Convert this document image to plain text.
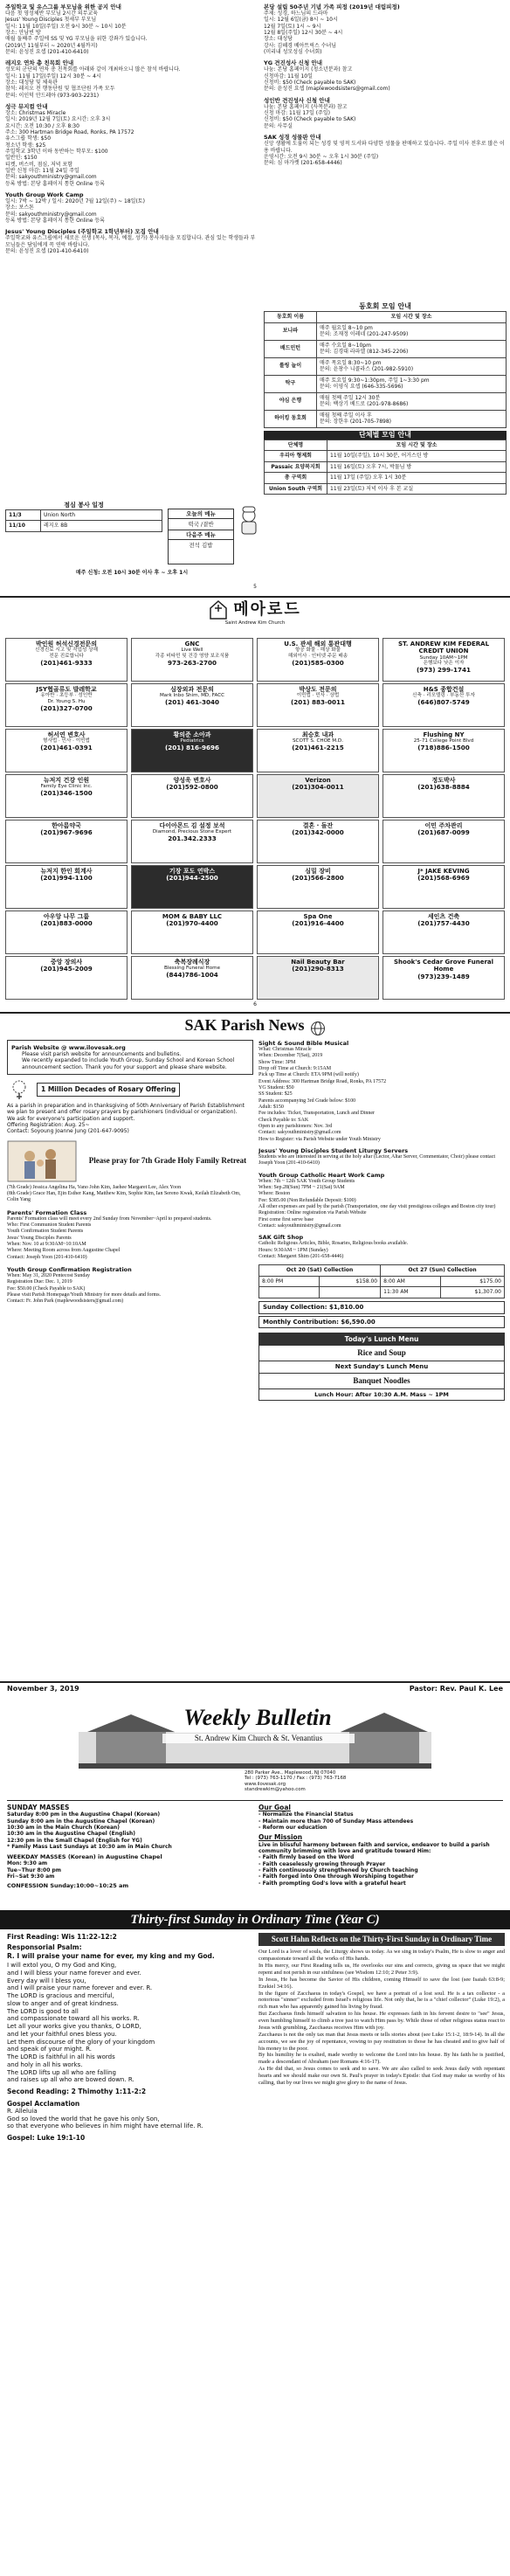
주일학교 및 유스그룹 부모님을 위한 공지 안내
다음 첫 영성체반 부모님 2시간 의무교육
Jesus' Young Disciples 첫세부 부모님
일시: 11월 10일(주일) 오전 9시 30분 ~ 10시 10분
장소: 안남빈 방
매월 둘째주 주일에 SS 및 YG 부모님을 위한 강좌가 있습니다.
(2019년 11월부터 ~ 2020년 4월까지)
문의: 윤성진 요셉 (201-410-6410)
레지오 연차 총 친목회 안내
성모의 군단의 연차 총 친목회를 아래와 같이 개최하오니 많은 참석 바랍니다.
일시: 11월 17일(주일) 12시 30분 ~ 4시
장소: 대성당 및 체육관
참석: 레지오 전 행동단원 및 협조단원 가족 모두
문의: 이인덕 안드레아 (973-903-2231)
성극 뮤지컬 안내
장소: Christmas Miracle
일시: 2019년 12월 7일(토) 요시간: 오후 3시
요시간: 오전 10:30 / 오후 8:30
주소: 300 Hartman Bridge Road, Ronks, PA 17572
유스그룹 학생: $50
청소년 학생: $25
주일학교 3학년 이하 동반하는 학부모: $100
일반인: $150
티켓, 버스비, 점심, 저녁 포함
일반 신청 마감: 11월 24일 주일
문의: sakyouthministry@gmail.com
등록 방법: 본당 홈페이지 통한 Online 등록
Youth Group Work Camp
일시: 7박 ~ 12박 / 일시: 2020년 7월 12일(주) ~ 18일(토)
장소: 보스톤
문의: sakyouthministry@gmail.com
등록 방법: 본당 홈페이지 통한 Online 등록
Jesus' Young Disciples (주일학교 1학년부터) 모집 안내
주일학교와 유스그룹에서 새로운 선생 (목사, 목자, 예절, 성가) 봉사자들을 모집합니다. 관심 있는 학생들과 부모님들은 담임에게 꼭 연락 바랍니다.
문의: 윤성진 요셉 (201-410-6410)
본당 설립 50주년 기념 가족 피정 (2019년 대림피정)
주제: 성경, 하느님의 드라마
일시: 12월 6일(금) 8시 ~ 10시
12월 7일(토) 1시 ~ 9시
12월 8일(주일) 12시 30분 ~ 4시
장소: 대성당
강사: 김혜경 베아트릭스 수녀님
(미리내 성모성심 수녀회)
YG 견진성사 신청 안내
나눔: 본당 홈페이지 (청소년분과) 참고
신청마감: 11월 10일
신청비: $50 (Check payable to SAK)
문의: 윤성진 요셉 (maplewoodsisters@gmail.com)
성인반 견진성사 신청 안내
나눔: 본당 홈페이지 (사목분과) 참고
신청 마감: 11월 17일 (주일)
신청비: $50 (Check payable to SAK)
문의: 사무실
SAK 성경 성물판 안내
신앙 생활에 도움이 되는 성경 및 영적 도서와 다양한 성물을 판매하고 있습니다. 주일 미사 전후로 많은 이용 바랍니다.
운영시간: 오전 9시 30분 ~ 오후 1시 30분 (주일)
문의: 심 마가렛 (201-658-4446)
동호회 모임 안내
동호회 이름	모임 시간 및 장소
보나파	매주 월요일 8~10 pm
문의: 조재정 이레네 (201-247-9509)
배드민턴	매주 수요일 8~10pm
문의: 김경대 라파엘 (812-345-2206)
롤링 늘이	매주 목요일 8:30~10 pm
문의: 윤창수 니콜라스 (201-982-5910)
탁구	매주 토요일 9:30~1:30pm, 주일 1~3:30 pm
문의: 이영식 요셉 (646-335-5696)
야심 은행	매월 첫째 주일 12시 30분
문의: 백상기 베드로 (201-978-8686)
하이킹 동호회	매월 첫째 주일 이사 후
문의: 장한우 (201-705-7898)
단체별 모임 안내
단체명	모임 시간 및 장소
우리아 형제회	11월 10일(주일), 10시 30분, 어거스틴 방
Passaic 요양복지회	11월 16일(토) 오후 7시, 박물님 방
총 구역회	11월 17일 (주일) 오후 1시 30분
Union South 구역회	11월 23일(토) 저녁 이사 후 본 교실
점심 봉사 일정
11/3	Union North
11/10	레지오 8B
오늘의 메뉴
떡국 /곁반
다음주 메뉴
전석 김밥
매주 신청: 오전 10시 30분 이사 후 ~ 오후 1시
5
메아로드
Saint Andrew Kim Church
박인원 허석신경전문의
신경진료 시고 및 작업성 상해
전문 진료합니다
(201)461-9333
GNC
Live Well
각종 비타민 및 건강 영양 보조식품
973-263-2700
U.S. 관세 해외 통관대행
항공 화물 · 해상 화물
해외이사 · 인터넷 주문 배송
(201)585-0300
ST. ANDREW KIM FEDERAL CREDIT UNION
Sunday 10AM~1PM
은행보다 낫은 이자
(973) 299-1741
JSY협골류도 발레학교
유아반 · 초등부 · 성인반
Dr. Young S. Hu
(201)327-0700
심장외과 전문의
Mark Inbo Shim, MD, FACC
(201) 461-3040
박상도 전문의
이민법 · 민사 · 상법
(201) 883-0011
H&S 종합건설
신축 · 리모델링 · 부동산 투자
(646)807-5749
허서연 변호사
형사법 · 민사 · 이민법
(201)461-0391
황의준 소아과
Pediatrics
(201) 816-9696
최승호 내과
SCOTT S. CHOE M.D.
(201)461-2215
Flushing NY
25-71 College Point Blvd
(718)886-1500
뉴저지 건강 인원
Family Eye Clinic Inc.
(201)346-1500
양성욱 변호사
(201)592-0800
Verizon
(201)304-0011
정도박사
(201)638-8884
한아름약국
(201)967-9696
다이아몬드 김 설정 보석
Diamond, Precious Stone Expert
201.342.2333
결혼 · 돌잔
(201)342-0000
이민 주차관리
(201)687-0099
뉴저지 한인 회계사
(201)994-1100
기장 포도 연박스
(201)944-2500
심밀 장비
(201)566-2800
J* JAKE KEVING
(201)568-6969
아우앙 나무 그룹
(201)883-0000
MOM & BABY LLC
(201)970-4400
Spa One
(201)916-4400
세인츠 건축
(201)757-4430
중앙 장의사
(201)945-2009
축복장례식장
Blessing Funeral Home
(844)786-1004
Nail Beauty Bar
(201)290-8313
Shook's Cedar Grove Funeral Home
(973)239-1489
6
SAK Parish News
Parish Website @ www.ilovesak.org
Please visit parish website for announcements and bulletins.
We recently expanded to include Youth Group, Sunday School and Korean School announcement section. Thank you for your support and please share website.
1 Million Decades of Rosary Offering
As a parish in preparation and in thanksgiving of 50th Anniversary of Parish Establishment we plan to present and offer rosary prayers by parishioners (individual or organization).
We ask for everyone's participation and support.
Offering Registration: Aug. 25~
Contact: Soyoung Joanne Jung (201-647-9095)
Please pray for 7th Grade Holy Family Retreat
(7th Grade) Jessica Angelina Ha, Vano John Kim, Jaehee Margaret Lee, Alex Yoon
(8th Grade) Grace Han, Ejin Esther Kang, Matthew Kim, Sophie Kim, Ian Sereno Kwak, Keilah Elizabeth Om, Colin Yang
Parents' Formation Class
Parents' Formation class will meet every 2nd Sunday from November~April to prepared students.
Who: First Communion Student Parents
Youth Confirmation Student Parents
Jesus' Young Disciples Parents
When: Nov. 10 at 9:30AM~10:10AM
Where: Meeting Room across from Augustine Chapel
Contact: Joseph Yoon (201-410-6410)
Youth Group Confirmation Registration
When: May 31, 2020 Pentecost Sunday
Registration Due: Dec. 1, 2019
Fee: $50.00 (Check Payable to SAK)
Please visit Parish Homepage/Youth Ministry for more details and forms.
Contact: Fr. John Park (maplewoodsisters@gmail.com)
Sight & Sound Bible Musical
What: Christmas Miracle
When: December 7(Sat), 2019
Show Time: 3PM
Drop off Time at Church: 9:15AM
Pick up Time at Church: ETA 9PM (will notify)
Event Address: 300 Hartman Bridge Road, Ronks, PA 17572
YG Student: $50
SS Student: $25
Parents accompanying 3rd Grade below: $100
Adult: $150
Fee includes: Ticket, Transportation, Lunch and Dinner
Check Payable to: SAK
Open to any parishioners: Nov. 3rd
Contact: sakyouthministry@gmail.com
How to Register: via Parish Website under Youth Ministry
Jesus' Young Disciples Student Liturgy Servers
Students who are interested in serving at the holy altar (Lector, Altar Server, Commentator, Choir) please contact Joseph Yoon (201-410-6410)
Youth Group Catholic Heart Work Camp
When: 7th ~ 12th SAK Youth Group Students
When: Sep.28(Sun) 7PM ~ 21(Sat) 9AM
Where: Boston
Fee: $385.00 (Non Refundable Deposit: $100)
All other expenses are paid by the parish (Transportation, one day visit prestigious colleges and Boston city tour)
Registration: Online registration via Parish Website
First come first serve base
Contact: sakyouthministry@gmail.com
SAK Gift Shop
Catholic Religious Articles, Bible, Rosaries, Religious books available.
Hours: 9:30AM ~ 1PM (Sunday)
Contact: Margaret Shim (201-658-4446)
Oct 20 (Sat) Collection		Oct 27 (Sun) Collection	
8:00 PM	$158.00	8:00 AM	$175.00
		11:30 AM	$1,307.00
Sunday Collection: $1,810.00
Monthly Contribution: $6,590.00
Today's Lunch Menu
Rice and Soup
Next Sunday's Lunch Menu
Banquet Noodles
Lunch Hour: After 10:30 A.M. Mass ~ 1PM
November 3, 2019	Pastor: Rev. Paul K. Lee
Weekly Bulletin
St. Andrew Kim Church & St. Venantius
280 Parker Ave., Maplewood, NJ 07040
Tel : (973) 763-1170 / Fax : (973) 763-7168
www.ilovesak.org
standrewkim@yahoo.com
SUNDAY MASSES
Saturday 8:00 pm in the Augustine Chapel (Korean)
Sunday 8:00 am in the Augustine Chapel (Korean)
10:30 am in the Main Church (Korean)
10:30 am in the Augustine Chapel (English)
12:30 pm in the Small Chapel (English for YG)
* Family Mass Last Sundays at 10:30 am in Main Church
WEEKDAY MASSES (Korean) in Augustine Chapel
Mon: 9:30 am
Tue~Thur 8:00 pm
Fri~Sat 9:30 am
CONFESSION Sunday:10:00~10:25 am
Our Goal
- Normalize the Financial Status
- Maintain more than 700 of Sunday Mass attendees
- Reform our education
Our Mission
Live in blissful harmony between faith and service, endeavor to build a parish community brimming with love and gratitude toward Him:
- Faith firmly based on the Word
- Faith ceaselessly growing through Prayer
- Faith continuously strengthened by Church teaching
- Faith forged into One through Worshiping together
- Faith prompting God's love with a grateful heart
Thirty-first Sunday in Ordinary Time (Year C)
First Reading: Wis 11:22-12:2
Responsorial Psalm:
R. I will praise your name for ever, my king and my God.
I will extol you, O my God and King,
and I will bless your name forever and ever.
Every day will I bless you,
and I will praise your name forever and ever. R.
The LORD is gracious and merciful,
slow to anger and of great kindness.
The LORD is good to all
and compassionate toward all his works. R.
Let all your works give you thanks, O LORD,
and let your faithful ones bless you.
Let them discourse of the glory of your kingdom
and speak of your might. R.
The LORD is faithful in all his words
and holy in all his works.
The LORD lifts up all who are falling
and raises up all who are bowed down. R.
Second Reading: 2 Thimothy 1:11-2:2
Gospel Acclamation
R. Alleluia
God so loved the world that he gave his only Son,
so that everyone who believes in him might have eternal life. R.
Gospel: Luke 19:1-10
Scott Hahn Reflects on the Thirty-First Sunday in Ordinary Time
Our Lord is a lover of souls, the Liturgy shows us today. As we sing in today's Psalm, He is slow to anger and compassionate toward all the works of His hands.
In His mercy, our First Reading tells us, He overlooks our sins and corrects, giving us space that we might repent and not perish in our sinfulness (see Wisdom 12:10; 2 Peter 3:9).
In Jesus, He has become the Savior of His children, coming Himself to save the lost (see Isaiah 63:8-9; Ezekiel 34:16).
In the figure of Zacchaeus in today's Gospel, we have a portrait of a lost soul. He is a tax collector - a notorious "sinner" excluded from Israel's religious life. Not only that, he is a "chief collector" (Luke 19:2), a rich man who has apparently gained his living by fraud.
But Zacchaeus finds himself salvation to his house. He expresses faith in his fervent desire to "see" Jesus, even humbling himself to climb a tree just to watch Him pass by. While those of other religious status react to Jesus with grumbling, Zacchaeus receives Him with joy.
Zacchaeus is not the only tax man that Jesus meets or tells stories about (see Luke 15:1-2, 18:9-14). In all the accounts, we see the joy of repentance, vowing to pay restitution to those he has cheated and to give half of his money to the poor.
By his humility he is exalted, made worthy to welcome the Lord into his house. By his faith he is justified, made a descendant of Abraham (see Romans 4:16-17).
As He did that, so Jesus comes to seek and to save. We are also called to seek Jesus daily with repentant hearts and we should make our own St. Paul's prayer in today's Epistle: that God may make us worthy of his calling, that by our lives we might give glory to the name of Jesus.
